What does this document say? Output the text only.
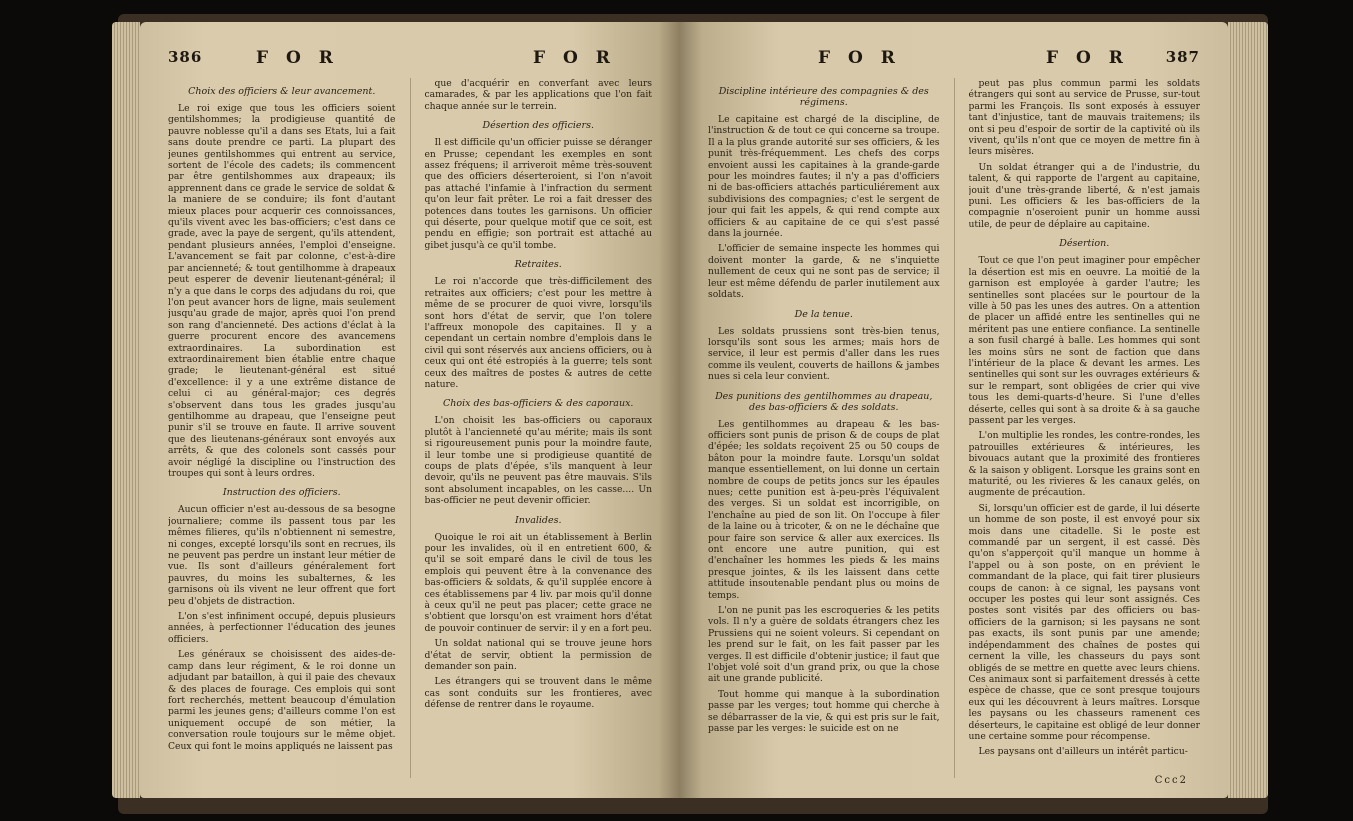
386	F O R	F O R
Choix des officiers & leur avancement.

Le roi exige que tous les officiers soient gentilshommes; la prodigieuse quantité de pauvre noblesse qu'il a dans ses Etats, lui a fait sans doute prendre ce parti. La plupart des jeunes gentilshommes qui entrent au service, sortent de l'école des cadets; ils commencent par être gentilshommes aux drapeaux; ils apprennent dans ce grade le service de soldat & la maniere de se conduire; ils font d'autant mieux places pour acquerir ces connoissances, qu'ils vivent avec les bas-officiers; c'est dans ce grade, avec la paye de sergent, qu'ils attendent, pendant plusieurs années, l'emploi d'enseigne. L'avancement se fait par colonne, c'est-à-dire par ancienneté; & tout gentilhomme à drapeaux peut esperer de devenir lieutenant-général; il n'y a que dans le corps des adjudans du roi, que l'on peut avancer hors de ligne, mais seulement jusqu'au grade de major, après quoi l'on prend son rang d'ancienneté. Des actions d'éclat à la guerre procurent encore des avancemens extraordinaires. La subordination est extraordinairement bien établie entre chaque grade; le lieutenant-général est situé d'excellence: il y a une extrême distance de celui ci au général-major; ces degrés s'observent dans tous les grades jusqu'au gentilhomme au drapeau, que l'enseigne peut punir s'il se trouve en faute. Il arrive souvent que des lieutenans-généraux sont envoyés aux arrêts, & que des colonels sont cassés pour avoir négligé la discipline ou l'instruction des troupes qui sont à leurs ordres.

Instruction des officiers.

Aucun officier n'est au-dessous de sa besogne journaliere; comme ils passent tous par les mêmes filieres, qu'ils n'obtiennent ni semestre, ni conges, excepté lorsqu'ils sont en recrues, ils ne peuvent pas perdre un instant leur métier de vue. Ils sont d'ailleurs généralement fort pauvres, du moins les subalternes, & les garnisons où ils vivent ne leur offrent que fort peu d'objets de distraction.

L'on s'est infiniment occupé, depuis plusieurs années, à perfectionner l'éducation des jeunes officiers.

Les généraux se choisissent des aides-de-camp dans leur régiment, & le roi donne un adjudant par bataillon, à qui il paie des chevaux & des places de fourage. Ces emplois qui sont fort recherchés, mettent beaucoup d'émulation parmi les jeunes gens; d'ailleurs comme l'on est uniquement occupé de son métier, la conversation roule toujours sur le même objet. Ceux qui font le moins appliqués ne laissent pas

que d'acquérir en converfant avec leurs camarades, & par les applications que l'on fait chaque année sur le terrein.

Désertion des officiers.

Il est difficile qu'un officier puisse se déranger en Prusse; cependant les exemples en sont assez fréquens; il arriveroit même très-souvent que des officiers déserteroient, si l'on n'avoit pas attaché l'infamie à l'infraction du serment qu'on leur fait prêter. Le roi a fait dresser des potences dans toutes les garnisons. Un officier qui déserte, pour quelque motif que ce soit, est pendu en effigie; son portrait est attaché au gibet jusqu'à ce qu'il tombe.

Retraites.

Le roi n'accorde que très-difficilement des retraites aux officiers; c'est pour les mettre à même de se procurer de quoi vivre, lorsqu'ils sont hors d'état de servir, que l'on tolere l'affreux monopole des capitaines. Il y a cependant un certain nombre d'emplois dans le civil qui sont réservés aux anciens officiers, ou à ceux qui ont été estropiés à la guerre; tels sont ceux des maîtres de postes & autres de cette nature.

Choix des bas-officiers & des caporaux.

L'on choisit les bas-officiers ou caporaux plutôt à l'ancienneté qu'au mérite; mais ils sont si rigoureusement punis pour la moindre faute, il leur tombe une si prodigieuse quantité de coups de plats d'épée, s'ils manquent à leur devoir, qu'ils ne peuvent pas être mauvais. S'ils sont absolument incapables, on les casse.... Un bas-officier ne peut devenir officier.

Invalides.

Quoique le roi ait un établissement à Berlin pour les invalides, où il en entretient 600, & qu'il se soit emparé dans le civil de tous les emplois qui peuvent être à la convenance des bas-officiers & soldats, & qu'il supplée encore à ces établissemens par 4 liv. par mois qu'il donne à ceux qu'il ne peut pas placer; cette grace ne s'obtient que lorsqu'on est vraiment hors d'état de pouvoir continuer de servir: il y en a fort peu.

Un soldat national qui se trouve jeune hors d'état de servir, obtient la permission de demander son pain.

Les étrangers qui se trouvent dans le même cas sont conduits sur les frontieres, avec défense de rentrer dans le royaume.

F O R	F O R 387
Discipline intérieure des compagnies & des régimens.

Le capitaine est chargé de la discipline, de l'instruction & de tout ce qui concerne sa troupe. Il a la plus grande autorité sur ses officiers, & les punit très-fréquemment. Les chefs des corps envoient aussi les capitaines à la grande-garde pour les moindres fautes; il n'y a pas d'officiers ni de bas-officiers attachés particuliérement aux subdivisions des compagnies; c'est le sergent de jour qui fait les appels, & qui rend compte aux officiers & au capitaine de ce qui s'est passé dans la journée.

L'officier de semaine inspecte les hommes qui doivent monter la garde, & ne s'inquiette nullement de ceux qui ne sont pas de service; il leur est même défendu de parler inutilement aux soldats.

De la tenue.

Les soldats prussiens sont très-bien tenus, lorsqu'ils sont sous les armes; mais hors de service, il leur est permis d'aller dans les rues comme ils veulent, couverts de haillons & jambes nues si cela leur convient.

Des punitions des gentilhommes au drapeau, des bas-officiers & des soldats.

Les gentilhommes au drapeau & les bas-officiers sont punis de prison & de coups de plat d'épée; les soldats reçoivent 25 ou 50 coups de bâton pour la moindre faute. Lorsqu'un soldat manque essentiellement, on lui donne un certain nombre de coups de petits joncs sur les épaules nues; cette punition est à-peu-près l'équivalent des verges. Si un soldat est incorrigible, on l'enchaîne au pied de son lit. On l'occupe à filer de la laine ou à tricoter, & on ne le déchaîne que pour faire son service & aller aux exercices. Ils ont encore une autre punition, qui est d'enchaîner les hommes les pieds & les mains presque jointes, & ils les laissent dans cette attitude insoutenable pendant plus ou moins de temps.

L'on ne punit pas les escroqueries & les petits vols. Il n'y a guère de soldats étrangers chez les Prussiens qui ne soient voleurs. Si cependant on les prend sur le fait, on les fait passer par les verges. Il est difficile d'obtenir justice; il faut que l'objet volé soit d'un grand prix, ou que la chose ait une grande publicité.

Tout homme qui manque à la subordination passe par les verges; tout homme qui cherche à se débarrasser de la vie, & qui est pris sur le fait, passe par les verges: le suicide est on ne

peut pas plus commun parmi les soldats étrangers qui sont au service de Prusse, sur-tout parmi les François. Ils sont exposés à essuyer tant d'injustice, tant de mauvais traitemens; ils ont si peu d'espoir de sortir de la captivité où ils vivent, qu'ils n'ont que ce moyen de mettre fin à leurs misères.

Un soldat étranger qui a de l'industrie, du talent, & qui rapporte de l'argent au capitaine, jouit d'une très-grande liberté, & n'est jamais puni. Les officiers & les bas-officiers de la compagnie n'oseroient punir un homme aussi utile, de peur de déplaire au capitaine.

Désertion.

Tout ce que l'on peut imaginer pour empêcher la désertion est mis en oeuvre. La moitié de la garnison est employée à garder l'autre; les sentinelles sont placées sur le pourtour de la ville à 50 pas les unes des autres. On a attention de placer un affidé entre les sentinelles qui ne méritent pas une entiere confiance. La sentinelle a son fusil chargé à balle. Les hommes qui sont les moins sûrs ne sont de faction que dans l'intérieur de la place & devant les armes. Les sentinelles qui sont sur les ouvrages extérieurs & sur le rempart, sont obligées de crier qui vive tous les demi-quarts-d'heure. Si l'une d'elles déserte, celles qui sont à sa droite & à sa gauche passent par les verges.

L'on multiplie les rondes, les contre-rondes, les patrouilles extérieures & intérieures, les bivouacs autant que la proximité des frontieres & la saison y obligent. Lorsque les grains sont en maturité, ou les rivieres & les canaux gelés, on augmente de précaution.

Si, lorsqu'un officier est de garde, il lui déserte un homme de son poste, il est envoyé pour six mois dans une citadelle. Si le poste est commandé par un sergent, il est cassé. Dès qu'on s'apperçoit qu'il manque un homme à l'appel ou à son poste, on en prévient le commandant de la place, qui fait tirer plusieurs coups de canon: à ce signal, les paysans vont occuper les postes qui leur sont assignés. Ces postes sont visités par des officiers ou bas-officiers de la garnison; si les paysans ne sont pas exacts, ils sont punis par une amende; indépendamment des chaînes de postes qui cernent la ville, les chasseurs du pays sont obligés de se mettre en quette avec leurs chiens. Ces animaux sont si parfaitement dressés à cette espèce de chasse, que ce sont presque toujours eux qui les découvrent à leurs maîtres. Lorsque les paysans ou les chasseurs ramenent ces déserteurs, le capitaine est obligé de leur donner une certaine somme pour récompense.

Les paysans ont d'ailleurs un intérêt particu-

Ccc2
